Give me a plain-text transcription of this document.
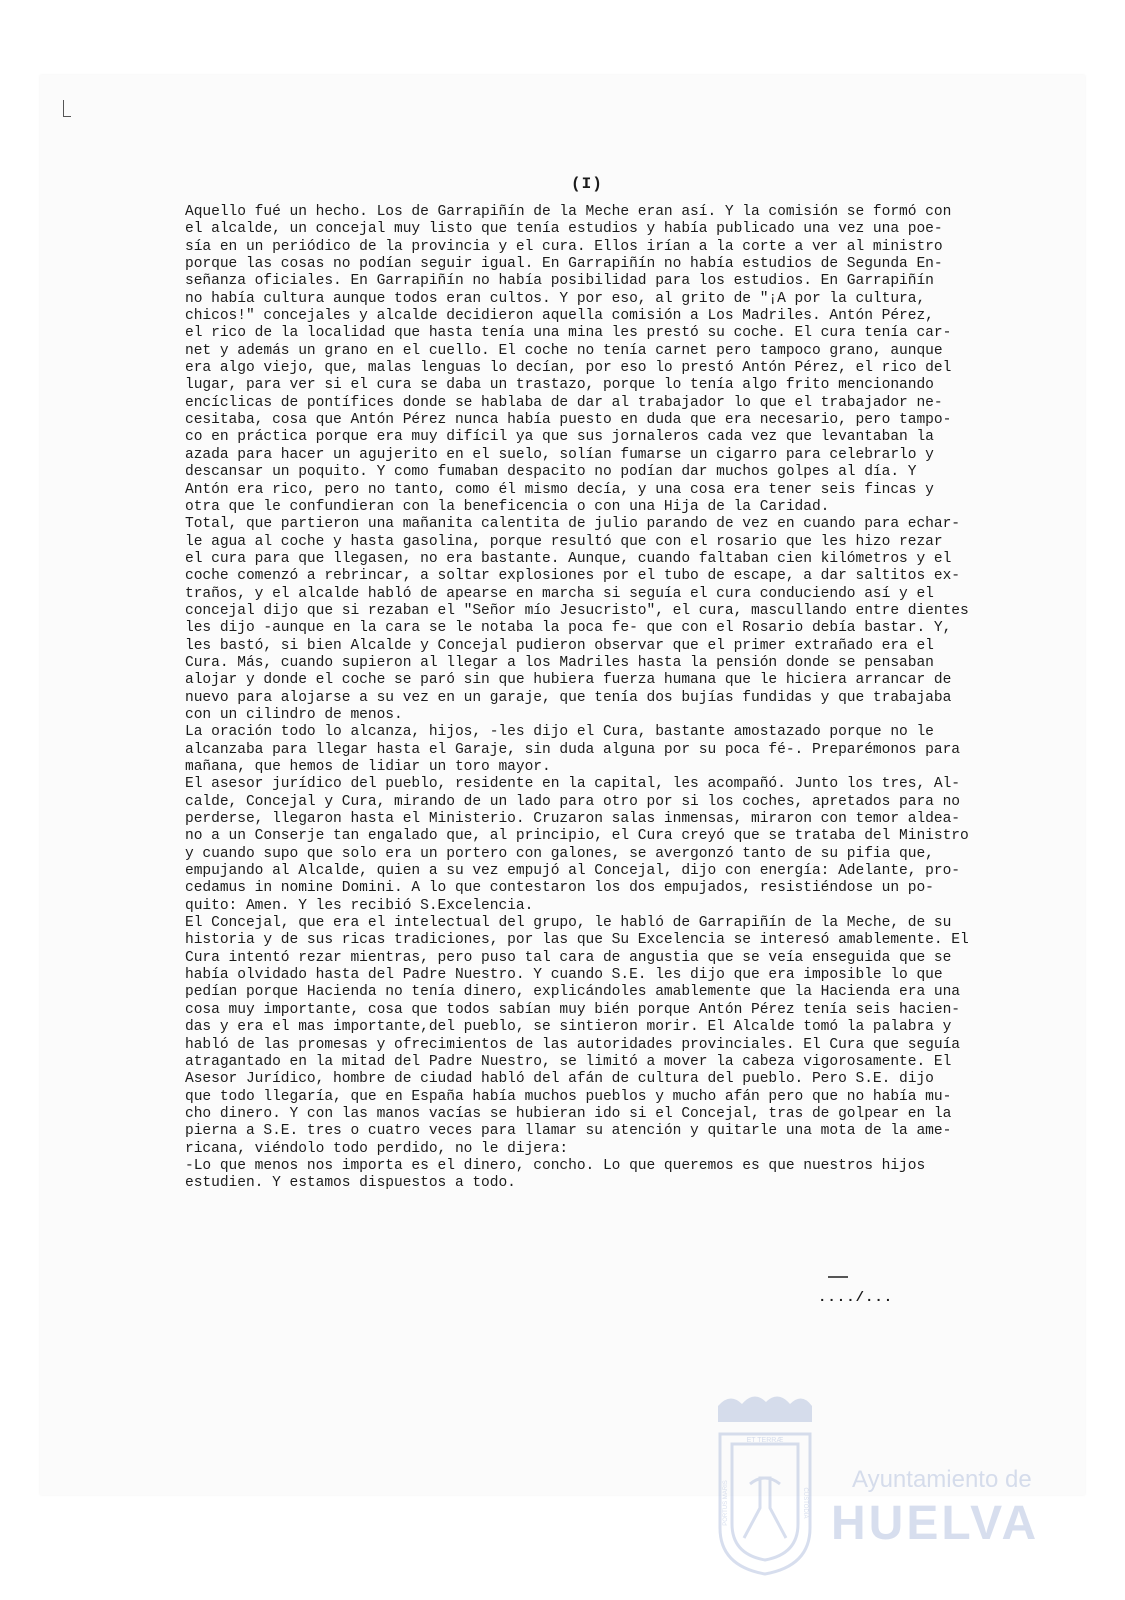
(I)
Aquello fué un hecho. Los de Garrapiñín de la Meche eran así. Y la comisión se formó con
el alcalde, un concejal muy listo que tenía estudios y había publicado una vez una poe-
sía en un periódico de la provincia y el cura. Ellos irían a la corte a ver al ministro
porque las cosas no podían seguir igual. En Garrapiñín no había estudios de Segunda En-
señanza oficiales. En Garrapiñín no había posibilidad para los estudios. En Garrapiñín
no había cultura aunque todos eran cultos. Y por eso, al grito de "¡A por la cultura,
chicos!" concejales y alcalde decidieron aquella comisión a Los Madriles. Antón Pérez,
el rico de la localidad que hasta tenía una mina les prestó su coche. El cura tenía car-
net y además un grano en el cuello. El coche no tenía carnet pero tampoco grano, aunque
era algo viejo, que, malas lenguas lo decían, por eso lo prestó Antón Pérez, el rico del
lugar, para ver si el cura se daba un trastazo, porque lo tenía algo frito mencionando
encíclicas de pontífices donde se hablaba de dar al trabajador lo que el trabajador ne-
cesitaba, cosa que Antón Pérez nunca había puesto en duda que era necesario, pero tampo-
co en práctica porque era muy difícil ya que sus jornaleros cada vez que levantaban la
azada para hacer un agujerito en el suelo, solían fumarse un cigarro para celebrarlo y
descansar un poquito. Y como fumaban despacito no podían dar muchos golpes al día. Y
Antón era rico, pero no tanto, como él mismo decía, y una cosa era tener seis fincas y
otra que le confundieran con la beneficencia o con una Hija de la Caridad.
Total, que partieron una mañanita calentita de julio parando de vez en cuando para echar-
le agua al coche y hasta gasolina, porque resultó que con el rosario que les hizo rezar
el cura para que llegasen, no era bastante. Aunque, cuando faltaban cien kilómetros y el
coche comenzó a rebrincar, a soltar explosiones por el tubo de escape, a dar saltitos ex-
traños, y el alcalde habló de apearse en marcha si seguía el cura conduciendo así y el
concejal dijo que si rezaban el "Señor mío Jesucristo", el cura, mascullando entre dientes
les dijo -aunque en la cara se le notaba la poca fe- que con el Rosario debía bastar. Y,
les bastó, si bien Alcalde y Concejal pudieron observar que el primer extrañado era el
Cura. Más, cuando supieron al llegar a los Madriles hasta la pensión donde se pensaban
alojar y donde el coche se paró sin que hubiera fuerza humana que le hiciera arrancar de
nuevo para alojarse a su vez en un garaje, que tenía dos bujías fundidas y que trabajaba
con un cilindro de menos.
La oración todo lo alcanza, hijos, -les dijo el Cura, bastante amostazado porque no le
alcanzaba para llegar hasta el Garaje, sin duda alguna por su poca fé-. Preparémonos para
mañana, que hemos de lidiar un toro mayor.
El asesor jurídico del pueblo, residente en la capital, les acompañó. Junto los tres, Al-
calde, Concejal y Cura, mirando de un lado para otro por si los coches, apretados para no
perderse, llegaron hasta el Ministerio. Cruzaron salas inmensas, miraron con temor aldea-
no a un Conserje tan engalado que, al principio, el Cura creyó que se trataba del Ministro
y cuando supo que solo era un portero con galones, se avergonzó tanto de su pifia que,
empujando al Alcalde, quien a su vez empujó al Concejal, dijo con energía: Adelante, pro-
cedamus in nomine Domini. A lo que contestaron los dos empujados, resistiéndose un po-
quito: Amen. Y les recibió S.Excelencia.
El Concejal, que era el intelectual del grupo, le habló de Garrapiñín de la Meche, de su
historia y de sus ricas tradiciones, por las que Su Excelencia se interesó amablemente. El
Cura intentó rezar mientras, pero puso tal cara de angustia que se veía enseguida que se
había olvidado hasta del Padre Nuestro. Y cuando S.E. les dijo que era imposible lo que
pedían porque Hacienda no tenía dinero, explicándoles amablemente que la Hacienda era una
cosa muy importante, cosa que todos sabían muy bién porque Antón Pérez tenía seis hacien-
das y era el mas importante,del pueblo, se sintieron morir. El Alcalde tomó la palabra y
habló de las promesas y ofrecimientos de las autoridades provinciales. El Cura que seguía
atragantado en la mitad del Padre Nuestro, se limitó a mover la cabeza vigorosamente. El
Asesor Jurídico, hombre de ciudad habló del afán de cultura del pueblo. Pero S.E. dijo
que todo llegaría, que en España había muchos pueblos y mucho afán pero que no había mu-
cho dinero. Y con las manos vacías se hubieran ido si el Concejal, tras de golpear en la
pierna a S.E. tres o cuatro veces para llamar su atención y quitarle una mota de la ame-
ricana, viéndolo todo perdido, no le dijera:
-Lo que menos nos importa es el dinero, concho. Lo que queremos es que nuestros hijos
estudien. Y estamos dispuestos a todo.
..../...
ET TERRÆ
PORTUS MARIS	CUSTODIA
Ayuntamiento de
HUELVA
